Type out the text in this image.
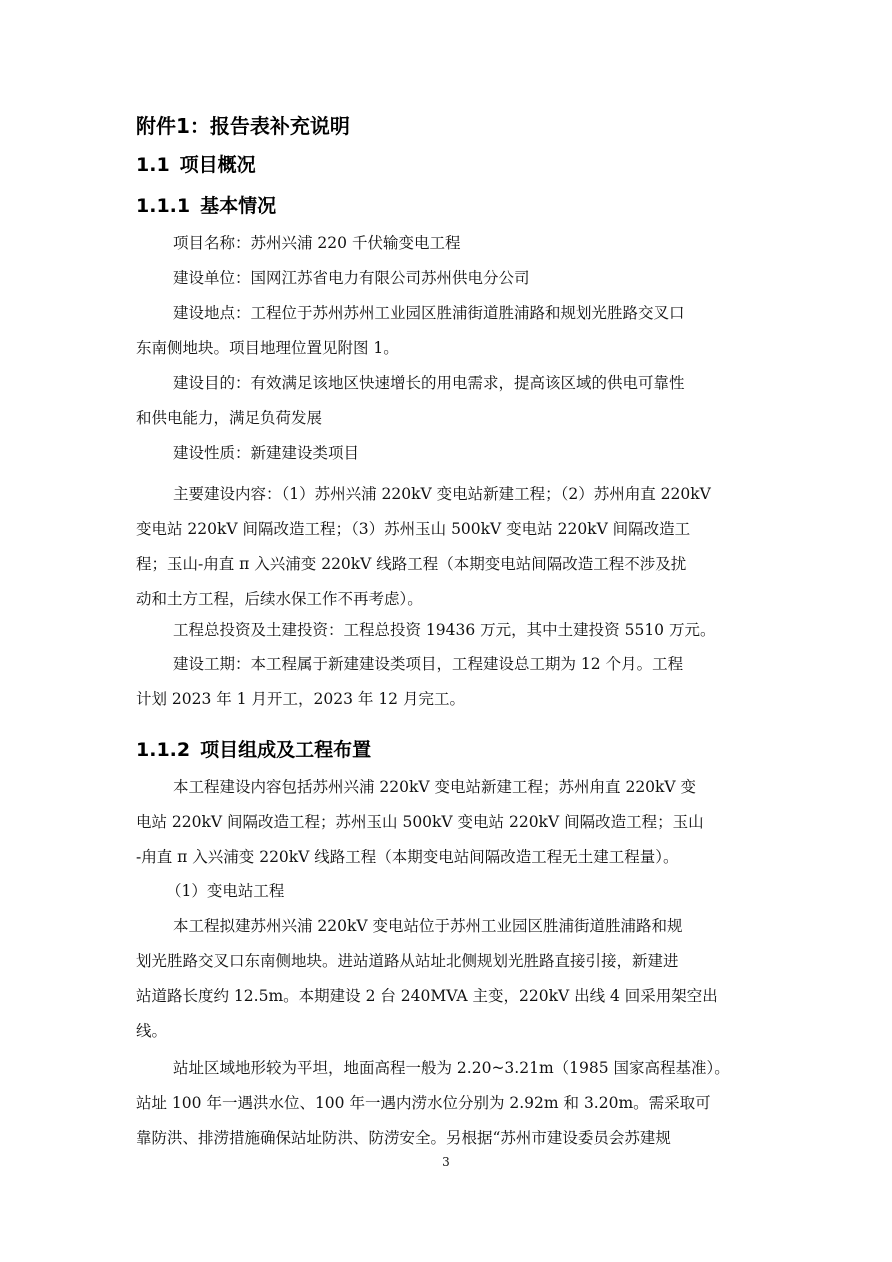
附件1：报告表补充说明
1.1 项目概况
1.1.1 基本情况
项目名称：苏州兴浦 220 千伏输变电工程
建设单位：国网江苏省电力有限公司苏州供电分公司
建设地点：工程位于苏州苏州工业园区胜浦街道胜浦路和规划光胜路交叉口
东南侧地块。项目地理位置见附图 1。
建设目的：有效满足该地区快速增长的用电需求，提高该区域的供电可靠性
和供电能力，满足负荷发展
建设性质：新建建设类项目
主要建设内容：（1）苏州兴浦 220kV 变电站新建工程；（2）苏州甪直 220kV
变电站 220kV 间隔改造工程；（3）苏州玉山 500kV 变电站 220kV 间隔改造工
程；玉山-甪直 π 入兴浦变 220kV 线路工程（本期变电站间隔改造工程不涉及扰
动和土方工程，后续水保工作不再考虑）。
工程总投资及土建投资：工程总投资 19436 万元，其中土建投资 5510 万元。
建设工期：本工程属于新建建设类项目，工程建设总工期为 12 个月。工程
计划 2023 年 1 月开工，2023 年 12 月完工。
1.1.2 项目组成及工程布置
本工程建设内容包括苏州兴浦 220kV 变电站新建工程；苏州甪直 220kV 变
电站 220kV 间隔改造工程；苏州玉山 500kV 变电站 220kV 间隔改造工程；玉山
-甪直 π 入兴浦变 220kV 线路工程（本期变电站间隔改造工程无土建工程量）。
（1）变电站工程
本工程拟建苏州兴浦 220kV 变电站位于苏州工业园区胜浦街道胜浦路和规
划光胜路交叉口东南侧地块。进站道路从站址北侧规划光胜路直接引接，新建进
站道路长度约 12.5m。本期建设 2 台 240MVA 主变，220kV 出线 4 回采用架空出
线。
站址区域地形较为平坦，地面高程一般为 2.20~3.21m（1985 国家高程基准）。
站址 100 年一遇洪水位、100 年一遇内涝水位分别为 2.92m 和 3.20m。需采取可
靠防洪、排涝措施确保站址防洪、防涝安全。另根据“苏州市建设委员会苏建规
3
